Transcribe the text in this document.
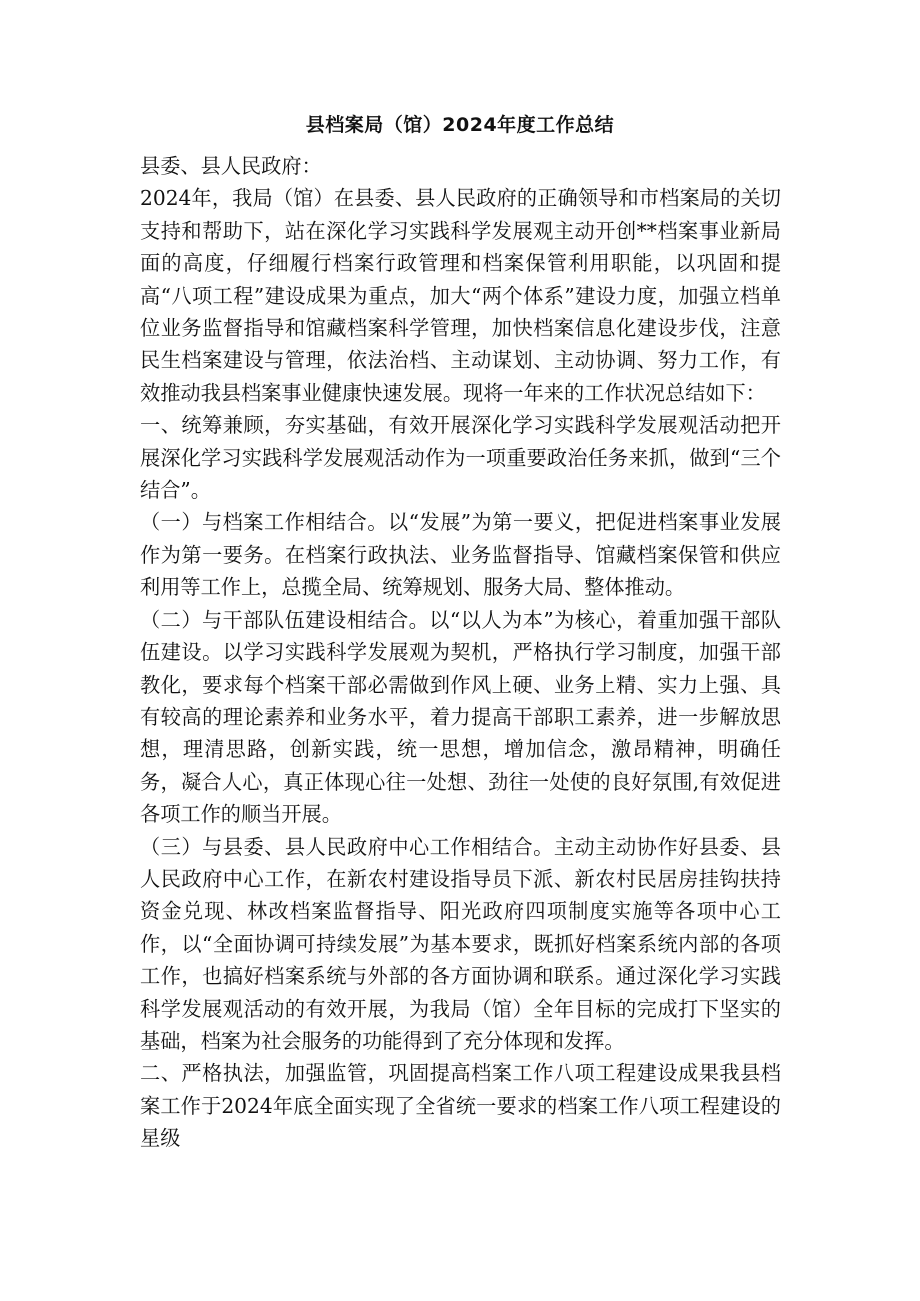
县档案局（馆）2024年度工作总结

县委、县人民政府：

2024年，我局（馆）在县委、县人民政府的正确领导和市档案局的关切支持和帮助下，站在深化学习实践科学发展观主动开创**档案事业新局面的高度，仔细履行档案行政管理和档案保管利用职能，以巩固和提高“八项工程”建设成果为重点，加大“两个体系”建设力度，加强立档单位业务监督指导和馆藏档案科学管理，加快档案信息化建设步伐，注意民生档案建设与管理，依法治档、主动谋划、主动协调、努力工作，有效推动我县档案事业健康快速发展。现将一年来的工作状况总结如下：

一、统筹兼顾，夯实基础，有效开展深化学习实践科学发展观活动把开展深化学习实践科学发展观活动作为一项重要政治任务来抓，做到“三个结合”。

（一）与档案工作相结合。以“发展”为第一要义，把促进档案事业发展作为第一要务。在档案行政执法、业务监督指导、馆藏档案保管和供应利用等工作上，总揽全局、统筹规划、服务大局、整体推动。

（二）与干部队伍建设相结合。以“以人为本”为核心，着重加强干部队伍建设。以学习实践科学发展观为契机，严格执行学习制度，加强干部教化，要求每个档案干部必需做到作风上硬、业务上精、实力上强、具有较高的理论素养和业务水平，着力提高干部职工素养，进一步解放思想，理清思路，创新实践，统一思想，增加信念，激昂精神，明确任务，凝合人心，真正体现心往一处想、劲往一处使的良好氛围,有效促进各项工作的顺当开展。

（三）与县委、县人民政府中心工作相结合。主动主动协作好县委、县人民政府中心工作，在新农村建设指导员下派、新农村民居房挂钩扶持资金兑现、林改档案监督指导、阳光政府四项制度实施等各项中心工作，以“全面协调可持续发展”为基本要求，既抓好档案系统内部的各项工作，也搞好档案系统与外部的各方面协调和联系。通过深化学习实践科学发展观活动的有效开展，为我局（馆）全年目标的完成打下坚实的基础，档案为社会服务的功能得到了充分体现和发挥。

二、严格执法，加强监管，巩固提高档案工作八项工程建设成果我县档案工作于2024年底全面实现了全省统一要求的档案工作八项工程建设的星级
